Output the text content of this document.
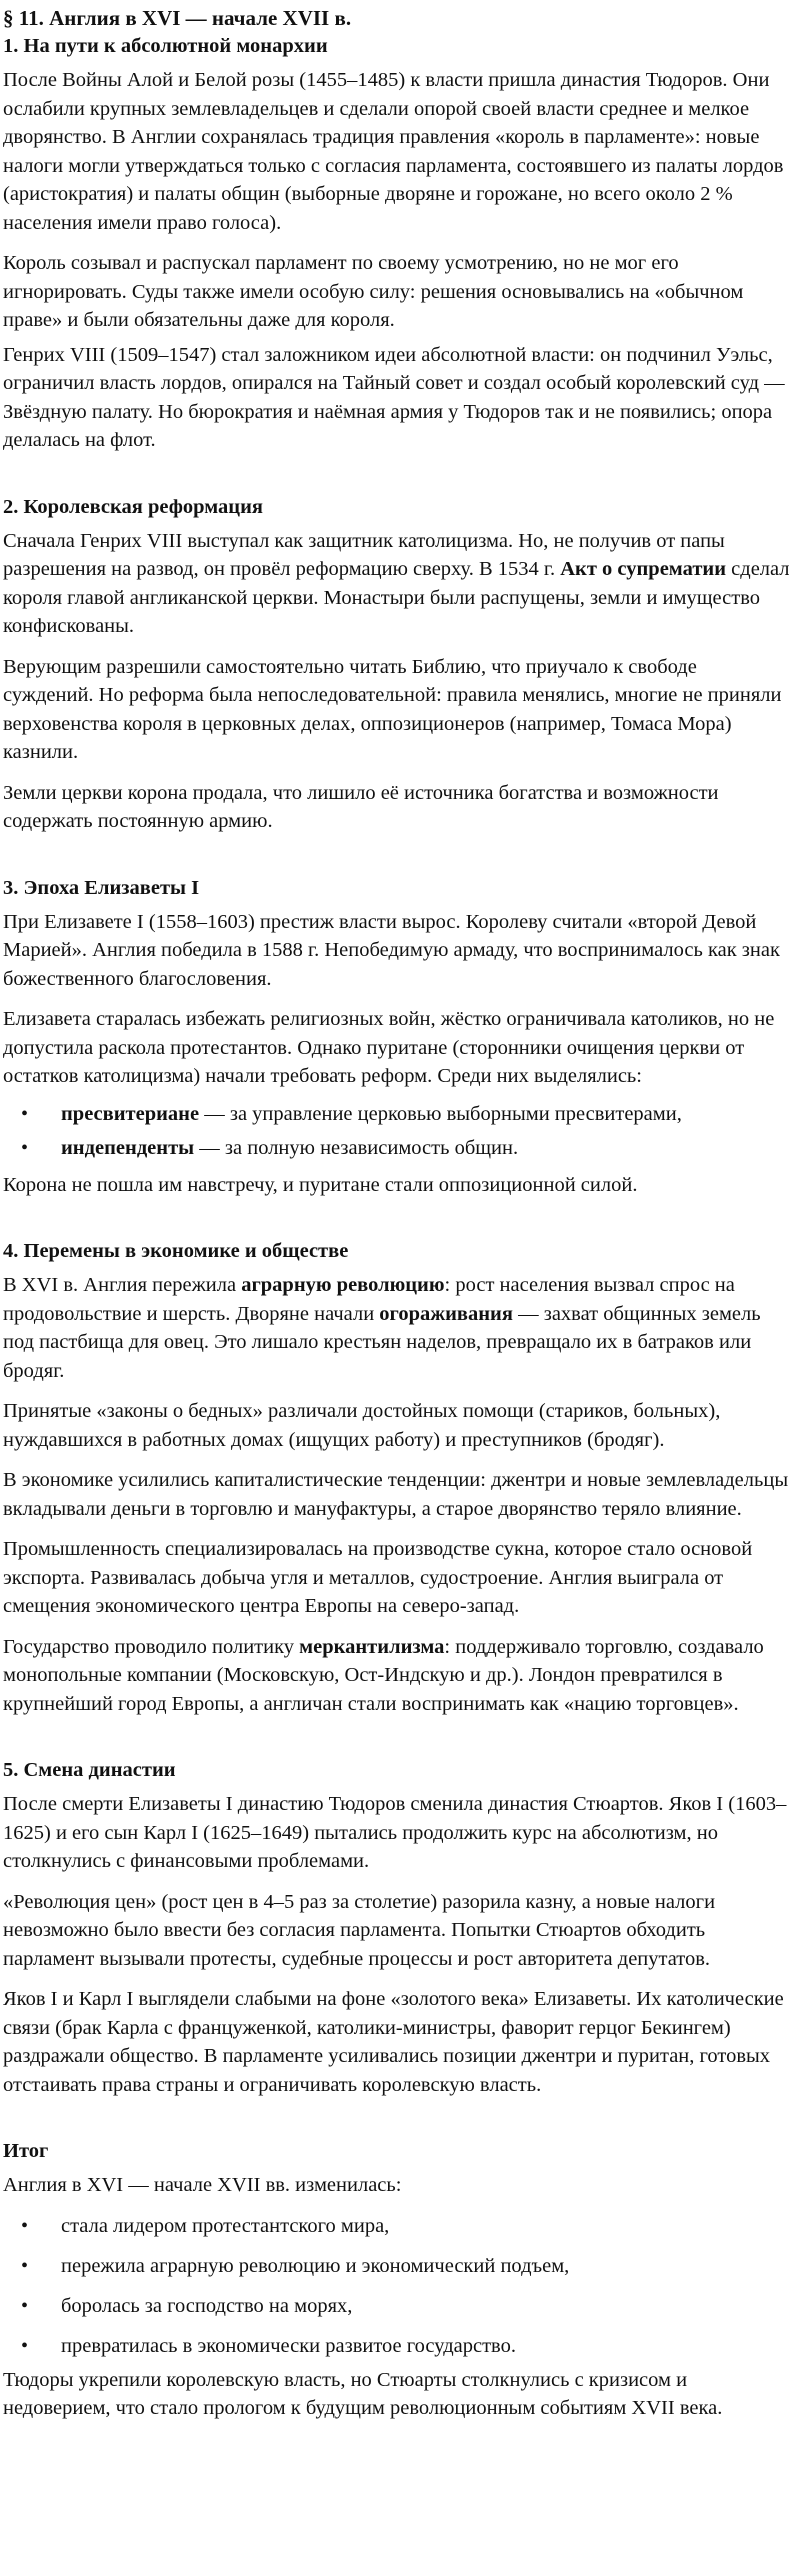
§ 11. Англия в XVI — начале XVII в.
1. На пути к абсолютной монархии

После Войны Алой и Белой розы (1455–1485) к власти пришла династия Тюдоров. Они ослабили крупных землевладельцев и сделали опорой своей власти среднее и мелкое дворянство. В Англии сохранялась традиция правления «король в парламенте»: новые налоги могли утверждаться только с согласия парламента, состоявшего из палаты лордов (аристократия) и палаты общин (выборные дворяне и горожане, но всего около 2 % населения имели право голоса).

Король созывал и распускал парламент по своему усмотрению, но не мог его игнорировать. Суды также имели особую силу: решения основывались на «обычном праве» и были обязательны даже для короля.

Генрих VIII (1509–1547) стал заложником идеи абсолютной власти: он подчинил Уэльс, ограничил власть лордов, опирался на Тайный совет и создал особый королевский суд — Звёздную палату. Но бюрократия и наёмная армия у Тюдоров так и не появились; опора делалась на флот.

2. Королевская реформация

Сначала Генрих VIII выступал как защитник католицизма. Но, не получив от папы разрешения на развод, он провёл реформацию сверху. В 1534 г. Акт о супрематии сделал короля главой англиканской церкви. Монастыри были распущены, земли и имущество конфискованы.

Верующим разрешили самостоятельно читать Библию, что приучало к свободе суждений. Но реформа была непоследовательной: правила менялись, многие не приняли верховенства короля в церковных делах, оппозиционеров (например, Томаса Мора) казнили.

Земли церкви корона продала, что лишило её источника богатства и возможности содержать постоянную армию.

3. Эпоха Елизаветы I

При Елизавете I (1558–1603) престиж власти вырос. Королеву считали «второй Девой Марией». Англия победила в 1588 г. Непобедимую армаду, что воспринималось как знак божественного благословения.

Елизавета старалась избежать религиозных войн, жёстко ограничивала католиков, но не допустила раскола протестантов. Однако пуритане (сторонники очищения церкви от остатков католицизма) начали требовать реформ. Среди них выделялись:

• пресвитериане — за управление церковью выборными пресвитерами,
• индепенденты — за полную независимость общин.

Корона не пошла им навстречу, и пуритане стали оппозиционной силой.

4. Перемены в экономике и обществе

В XVI в. Англия пережила аграрную революцию: рост населения вызвал спрос на продовольствие и шерсть. Дворяне начали огораживания — захват общинных земель под пастбища для овец. Это лишало крестьян наделов, превращало их в батраков или бродяг.

Принятые «законы о бедных» различали достойных помощи (стариков, больных), нуждавшихся в работных домах (ищущих работу) и преступников (бродяг).

В экономике усилились капиталистические тенденции: джентри и новые землевладельцы вкладывали деньги в торговлю и мануфактуры, а старое дворянство теряло влияние.

Промышленность специализировалась на производстве сукна, которое стало основой экспорта. Развивалась добыча угля и металлов, судостроение. Англия выиграла от смещения экономического центра Европы на северо-запад.

Государство проводило политику меркантилизма: поддерживало торговлю, создавало монопольные компании (Московскую, Ост-Индскую и др.). Лондон превратился в крупнейший город Европы, а англичан стали воспринимать как «нацию торговцев».

5. Смена династии

После смерти Елизаветы I династию Тюдоров сменила династия Стюартов. Яков I (1603–1625) и его сын Карл I (1625–1649) пытались продолжить курс на абсолютизм, но столкнулись с финансовыми проблемами.

«Революция цен» (рост цен в 4–5 раз за столетие) разорила казну, а новые налоги невозможно было ввести без согласия парламента. Попытки Стюартов обходить парламент вызывали протесты, судебные процессы и рост авторитета депутатов.

Яков I и Карл I выглядели слабыми на фоне «золотого века» Елизаветы. Их католические связи (брак Карла с француженкой, католики-министры, фаворит герцог Бекингем) раздражали общество. В парламенте усиливались позиции джентри и пуритан, готовых отстаивать права страны и ограничивать королевскую власть.

Итог

Англия в XVI — начале XVII вв. изменилась:

• стала лидером протестантского мира,
• пережила аграрную революцию и экономический подъем,
• боролась за господство на морях,
• превратилась в экономически развитое государство.

Тюдоры укрепили королевскую власть, но Стюарты столкнулись с кризисом и недоверием, что стало прологом к будущим революционным событиям XVII века.
